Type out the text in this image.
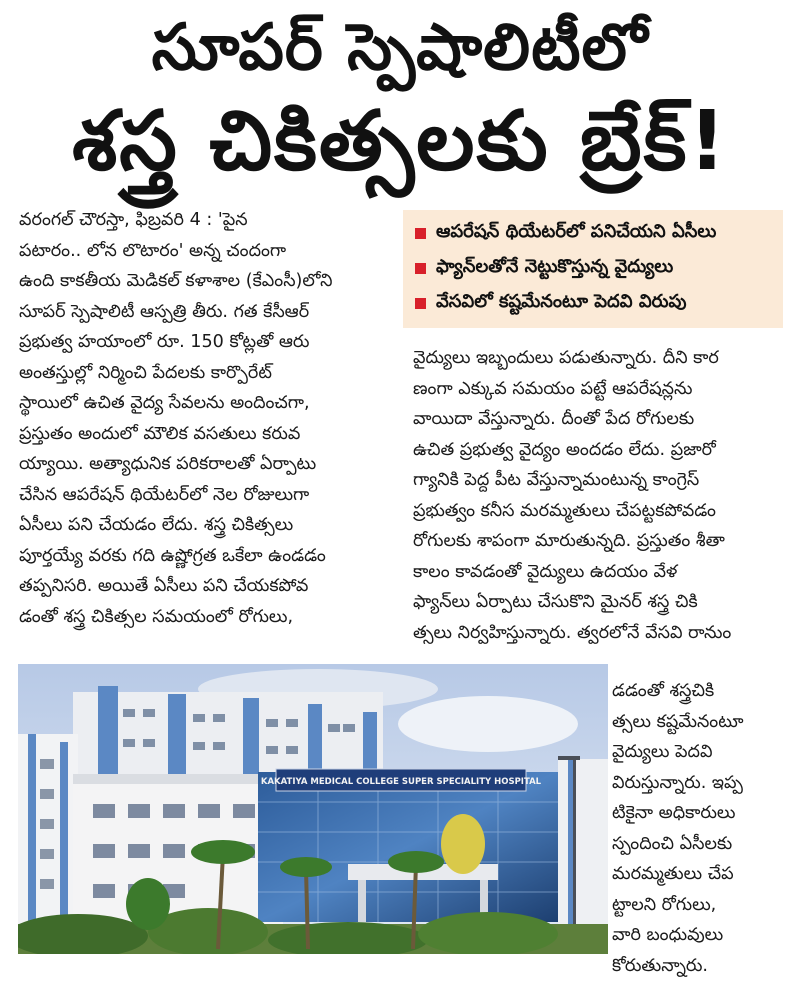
సూపర్ స్పెషాలిటీలో
శస్త్ర చికిత్సలకు బ్రేక్!
ఆపరేషన్ థియేటర్‌లో పనిచేయని ఏసీలు
ఫ్యాన్‌లతోనే నెట్టుకొస్తున్న వైద్యులు
వేసవిలో కష్టమేనంటూ పెదవి విరుపు

వరంగల్ చౌరస్తా, ఫిబ్రవరి 4 : 'పైన

పటారం.. లోన లొటారం' అన్న చందంగా

ఉంది కాకతీయ మెడికల్ కళాశాల (కేఎంసీ)లోని

సూపర్ స్పెషాలిటీ ఆస్పత్రి తీరు. గత కేసీఆర్

ప్రభుత్వ హయాంలో రూ. 150 కోట్లతో ఆరు

అంతస్తుల్లో నిర్మించి పేదలకు కార్పొరేట్

స్థాయిలో ఉచిత వైద్య సేవలను అందించగా,

ప్రస్తుతం అందులో మౌలిక వసతులు కరువ

య్యాయి. అత్యాధునిక పరికరాలతో ఏర్పాటు

చేసిన ఆపరేషన్ థియేటర్‌లో నెల రోజులుగా

ఏసీలు పని చేయడం లేదు. శస్త్ర చికిత్సలు

పూర్తయ్యే వరకు గది ఉష్ణోగ్రత ఒకేలా ఉండడం

తప్పనిసరి. అయితే ఏసీలు పని చేయకపోవ

డంతో శస్త్ర చికిత్సల సమయంలో రోగులు,

వైద్యులు ఇబ్బందులు పడుతున్నారు. దీని కార

ణంగా ఎక్కువ సమయం పట్టే ఆపరేషన్లను

వాయిదా వేస్తున్నారు. దీంతో పేద రోగులకు

ఉచిత ప్రభుత్వ వైద్యం అందడం లేదు. ప్రజారో

గ్యానికి పెద్ద పీట వేస్తున్నామంటున్న కాంగ్రెస్

ప్రభుత్వం కనీస మరమ్మతులు చేపట్టకపోవడం

రోగులకు శాపంగా మారుతున్నది. ప్రస్తుతం శీతా

కాలం కావడంతో వైద్యులు ఉదయం వేళ

ఫ్యాన్‌లు ఏర్పాటు చేసుకొని మైనర్ శస్త్ర చికి

త్సలు నిర్వహిస్తున్నారు. త్వరలోనే వేసవి రానుం

డడంతో శస్త్రచికి

త్సలు కష్టమేనంటూ

వైద్యులు పెదవి

విరుస్తున్నారు. ఇప్ప

టికైనా అధికారులు

స్పందించి ఏసీలకు

మరమ్మతులు చేప

ట్టాలని రోగులు,

వారి బంధువులు

కోరుతున్నారు.

KAKATIYA MEDICAL COLLEGE SUPER SPECIALITY HOSPITAL
